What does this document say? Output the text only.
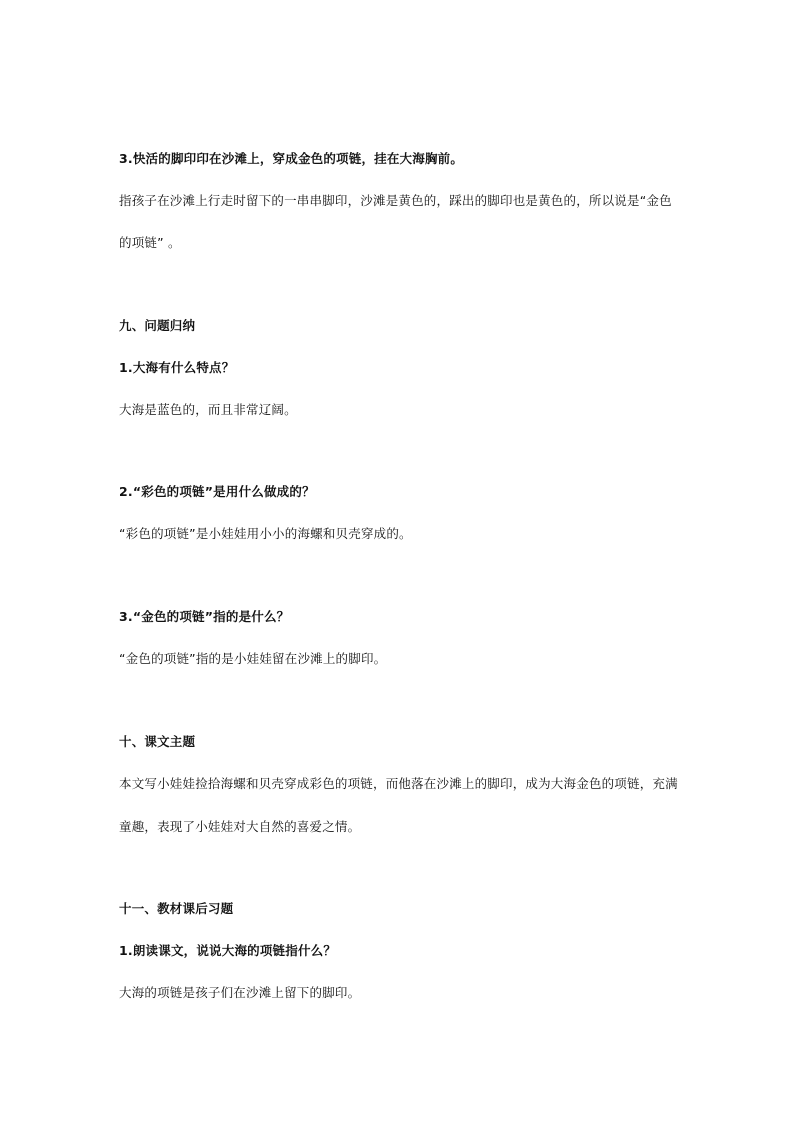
3.快活的脚印印在沙滩上，穿成金色的项链，挂在大海胸前。
指孩子在沙滩上行走时留下的一串串脚印，沙滩是黄色的，踩出的脚印也是黄色的，所以说是“金色
的项链” 。
九、问题归纳
1.大海有什么特点？
大海是蓝色的，而且非常辽阔。
2.“彩色的项链”是用什么做成的？
“彩色的项链”是小娃娃用小小的海螺和贝壳穿成的。
3.“金色的项链”指的是什么？
“金色的项链”指的是小娃娃留在沙滩上的脚印。
十、课文主题
本文写小娃娃捡拾海螺和贝壳穿成彩色的项链，而他落在沙滩上的脚印，成为大海金色的项链，充满
童趣，表现了小娃娃对大自然的喜爱之情。
十一、教材课后习题
1.朗读课文，说说大海的项链指什么？
大海的项链是孩子们在沙滩上留下的脚印。
